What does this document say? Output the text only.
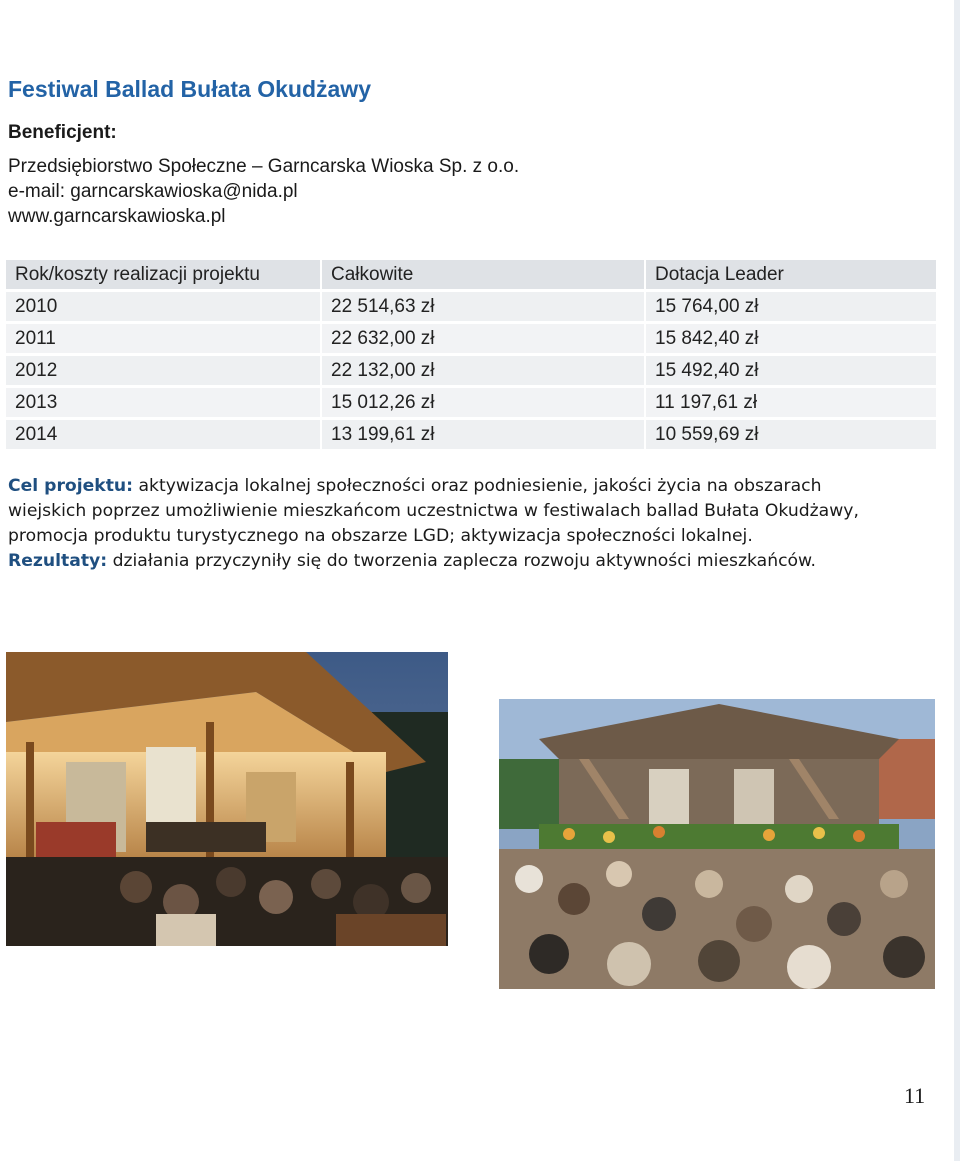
Festiwal Ballad Bułata Okudżawy
Beneficjent:
Przedsiębiorstwo Społeczne – Garncarska Wioska Sp. z o.o.
e-mail: garncarskawioska@nida.pl
www.garncarskawioska.pl
Rok/koszty realizacji projektu	Całkowite	Dotacja Leader
2010	22 514,63 zł	15 764,00 zł
2011	22 632,00 zł	15 842,40 zł
2012	22 132,00 zł	15 492,40 zł
2013	15 012,26 zł	11 197,61 zł
2014	13 199,61 zł	10 559,69 zł
Cel projektu: aktywizacja lokalnej społeczności oraz podniesienie, jakości życia na obszarach
wiejskich poprzez umożliwienie mieszkańcom uczestnictwa w festiwalach ballad Bułata Okudżawy,
promocja produktu turystycznego na obszarze LGD; aktywizacja społeczności lokalnej.
Rezultaty: działania przyczyniły się do tworzenia zaplecza rozwoju aktywności mieszkańców.
11
